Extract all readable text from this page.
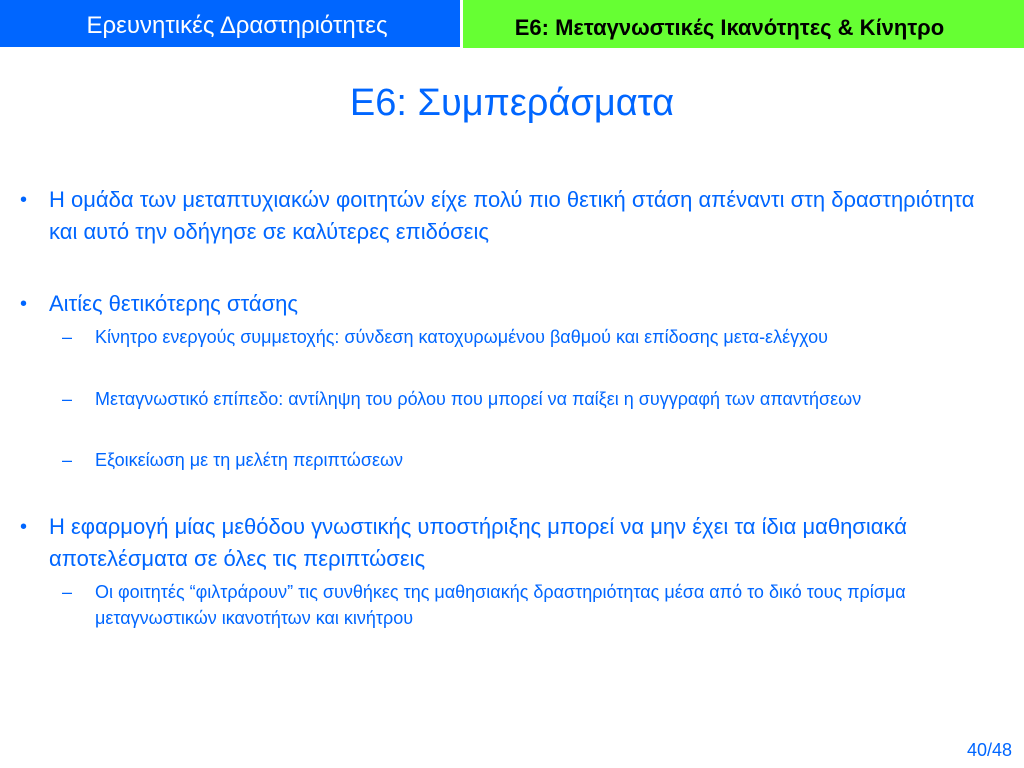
Ερευνητικές Δραστηριότητες	Ε6: Μεταγνωστικές Ικανότητες & Κίνητρο
Ε6: Συμπεράσματα
• Η ομάδα των μεταπτυχιακών φοιτητών είχε πολύ πιο θετική στάση απέναντι στη δραστηριότητα και αυτό την οδήγησε σε καλύτερες επιδόσεις
• Αιτίες θετικότερης στάσης
– Κίνητρο ενεργούς συμμετοχής: σύνδεση κατοχυρωμένου βαθμού και επίδοσης μετα-ελέγχου
– Μεταγνωστικό επίπεδο: αντίληψη του ρόλου που μπορεί να παίξει η συγγραφή των απαντήσεων
– Εξοικείωση με τη μελέτη περιπτώσεων
• Η εφαρμογή μίας μεθόδου γνωστικής υποστήριξης μπορεί να μην έχει τα ίδια μαθησιακά αποτελέσματα σε όλες τις περιπτώσεις
– Οι φοιτητές “φιλτράρουν” τις συνθήκες της μαθησιακής δραστηριότητας μέσα από το δικό τους πρίσμα μεταγνωστικών ικανοτήτων και κινήτρου
40/48
